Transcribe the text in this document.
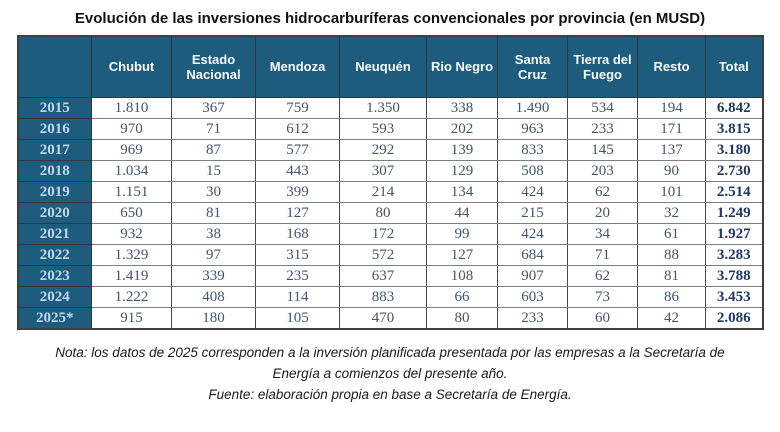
Evolución de las inversiones hidrocarburíferas convencionales por provincia (en MUSD)
	Chubut	Estado Nacional	Mendoza	Neuquén	Rio Negro	Santa Cruz	Tierra del Fuego	Resto	Total
2015	1.810	367	759	1.350	338	1.490	534	194	6.842
2016	970	71	612	593	202	963	233	171	3.815
2017	969	87	577	292	139	833	145	137	3.180
2018	1.034	15	443	307	129	508	203	90	2.730
2019	1.151	30	399	214	134	424	62	101	2.514
2020	650	81	127	80	44	215	20	32	1.249
2021	932	38	168	172	99	424	34	61	1.927
2022	1.329	97	315	572	127	684	71	88	3.283
2023	1.419	339	235	637	108	907	62	81	3.788
2024	1.222	408	114	883	66	603	73	86	3.453
2025*	915	180	105	470	80	233	60	42	2.086

Nota: los datos de 2025 corresponden a la inversión planificada presentada por las empresas a la Secretaría de Energía a comienzos del presente año.

Fuente: elaboración propia en base a Secretaría de Energía.
